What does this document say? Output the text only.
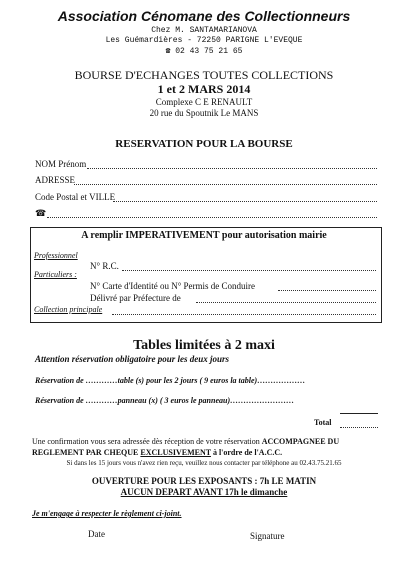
Association Cénomane des Collectionneurs
Chez M. SANTAMARIANOVA
Les Guémardières - 72250 PARIGNE L'EVEQUE
☎ 02 43 75 21 65
BOURSE D'ECHANGES TOUTES COLLECTIONS
1 et 2 MARS 2014
Complexe C E RENAULT
20 rue du Spoutnik Le MANS
RESERVATION POUR LA BOURSE
NOM Prénom
ADRESSE
Code Postal et VILLE
☎
A remplir IMPERATIVEMENT pour autorisation mairie
Professionnel
N° R.C.
Particuliers :
N° Carte d'Identité ou N° Permis de Conduire
Délivré par Préfecture de
Collection principale
Tables limitées à 2 maxi
Attention réservation obligatoire pour les deux jours
Réservation de …………table (s) pour les 2 jours ( 9 euros la table)………………
Réservation de …………panneau (x) ( 3 euros le panneau)……………………
Total
Une confirmation vous sera adressée dès réception de votre réservation ACCOMPAGNEE DU
REGLEMENT PAR CHEQUE EXCLUSIVEMENT à l'ordre de l'A.C.C.
Si dans les 15 jours vous n'avez rien reçu, veuillez nous contacter par téléphone au 02.43.75.21.65
OUVERTURE POUR LES EXPOSANTS : 7h LE MATIN
AUCUN DEPART AVANT 17h le dimanche
Je m'engage à respecter le règlement ci-joint.
Date	Signature
